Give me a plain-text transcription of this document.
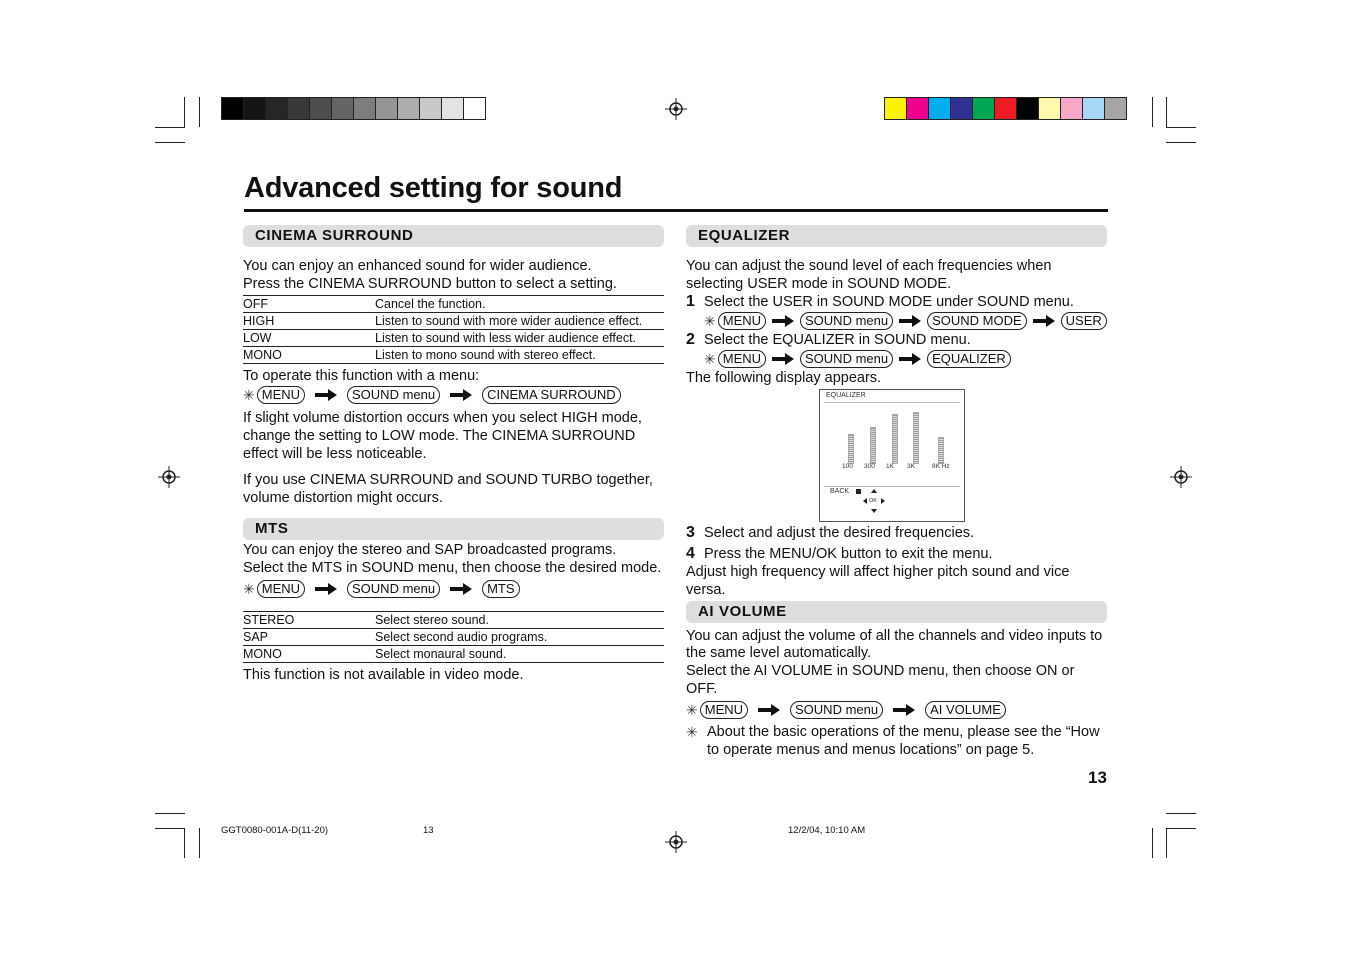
Advanced setting for sound
CINEMA SURROUND

You can enjoy an enhanced sound for wider audience.

Press the CINEMA SURROUND button to select a setting.

OFF	Cancel the function.
HIGH	Listen to sound with more wider audience effect.
LOW	Listen to sound with less wider audience effect.
MONO	Listen to mono sound with stereo effect.

To operate this function with a menu:

✳ MENU	SOUND menu	CINEMA SURROUND

If slight volume distortion occurs when you select HIGH mode, change the setting to LOW mode. The CINEMA SURROUND effect will be less noticeable.

If you use CINEMA SURROUND and SOUND TURBO together, volume distortion might occurs.

MTS

You can enjoy the stereo and SAP broadcasted programs.

Select the MTS in SOUND menu, then choose the desired mode.

✳ MENU	SOUND menu	MTS
STEREO	Select stereo sound.
SAP	Select second audio programs.
MONO	Select monaural sound.

This function is not available in video mode.

EQUALIZER

You can adjust the sound level of each frequencies when selecting USER mode in SOUND MODE.

1 Select the USER in SOUND MODE under SOUND menu.
✳ MENU	SOUND menu	SOUND MODE	USER
2 Select the EQUALIZER in SOUND menu.
✳ MENU	SOUND menu	EQUALIZER

The following display appears.

EQUALIZER
100 300 1K 3K	8K Hz
BACK
OK
3 Select and adjust the desired frequencies.
4 Press the MENU/OK button to exit the menu.

Adjust high frequency will affect higher pitch sound and vice versa.

AI VOLUME

You can adjust the volume of all the channels and video inputs to the same level automatically.

Select the AI VOLUME in SOUND menu, then choose ON or OFF.

✳ MENU	SOUND menu	AI VOLUME
✳ About the basic operations of the menu, please see the “How to operate menus and menus locations” on page 5.
13
GGT0080-001A-D(11-20)	13	12/2/04, 10:10 AM
